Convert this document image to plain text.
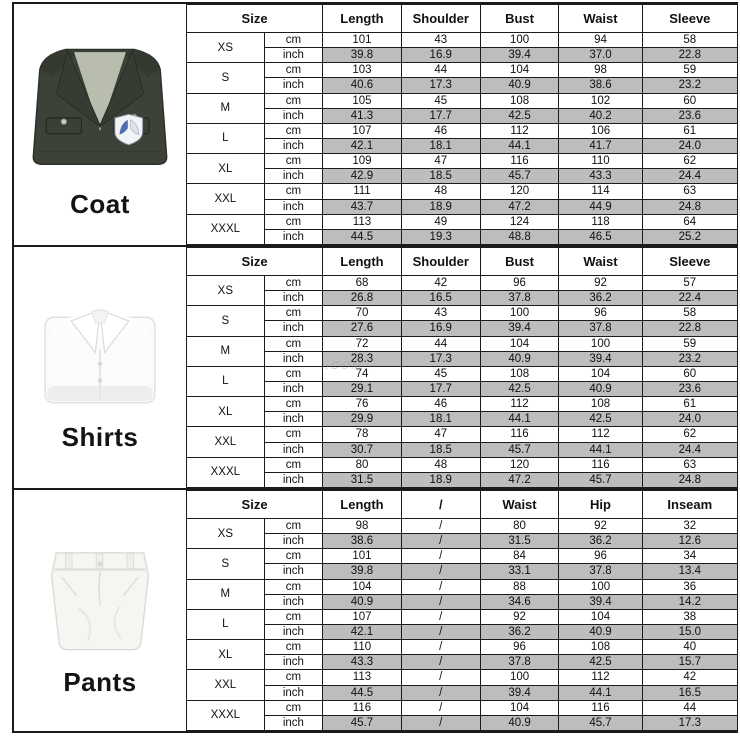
Coat
Size		Length	Shoulder	Bust	Waist	Sleeve
XS	cm	101	43	100	94	58
	inch	39.8	16.9	39.4	37.0	22.8
S	cm	103	44	104	98	59
	inch	40.6	17.3	40.9	38.6	23.2
M	cm	105	45	108	102	60
	inch	41.3	17.7	42.5	40.2	23.6
L	cm	107	46	112	106	61
	inch	42.1	18.1	44.1	41.7	24.0
XL	cm	109	47	116	110	62
	inch	42.9	18.5	45.7	43.3	24.4
XXL	cm	111	48	120	114	63
	inch	43.7	18.9	47.2	44.9	24.8
XXXL	cm	113	49	124	118	64
	inch	44.5	19.3	48.8	46.5	25.2
Shirts
Size		Length	Shoulder	Bust	Waist	Sleeve
XS	cm	68	42	96	92	57
	inch	26.8	16.5	37.8	36.2	22.4
S	cm	70	43	100	96	58
	inch	27.6	16.9	39.4	37.8	22.8
M	cm	72	44	104	100	59
	inch	28.3	17.3	40.9	39.4	23.2
L	cm	74	45	108	104	60
	inch	29.1	17.7	42.5	40.9	23.6
XL	cm	76	46	112	108	61
	inch	29.9	18.1	44.1	42.5	24.0
XXL	cm	78	47	116	112	62
	inch	30.7	18.5	45.7	44.1	24.4
XXXL	cm	80	48	120	116	63
	inch	31.5	18.9	47.2	45.7	24.8
Pants
Size		Length	/	Waist	Hip	Inseam
XS	cm	98	/	80	92	32
	inch	38.6	/	31.5	36.2	12.6
S	cm	101	/	84	96	34
	inch	39.8	/	33.1	37.8	13.4
M	cm	104	/	88	100	36
	inch	40.9	/	34.6	39.4	14.2
L	cm	107	/	92	104	38
	inch	42.1	/	36.2	40.9	15.0
XL	cm	110	/	96	108	40
	inch	43.3	/	37.8	42.5	15.7
XXL	cm	113	/	100	112	42
	inch	44.5	/	39.4	44.1	16.5
XXXL	cm	116	/	104	116	44
	inch	45.7	/	40.9	45.7	17.3
.COM
